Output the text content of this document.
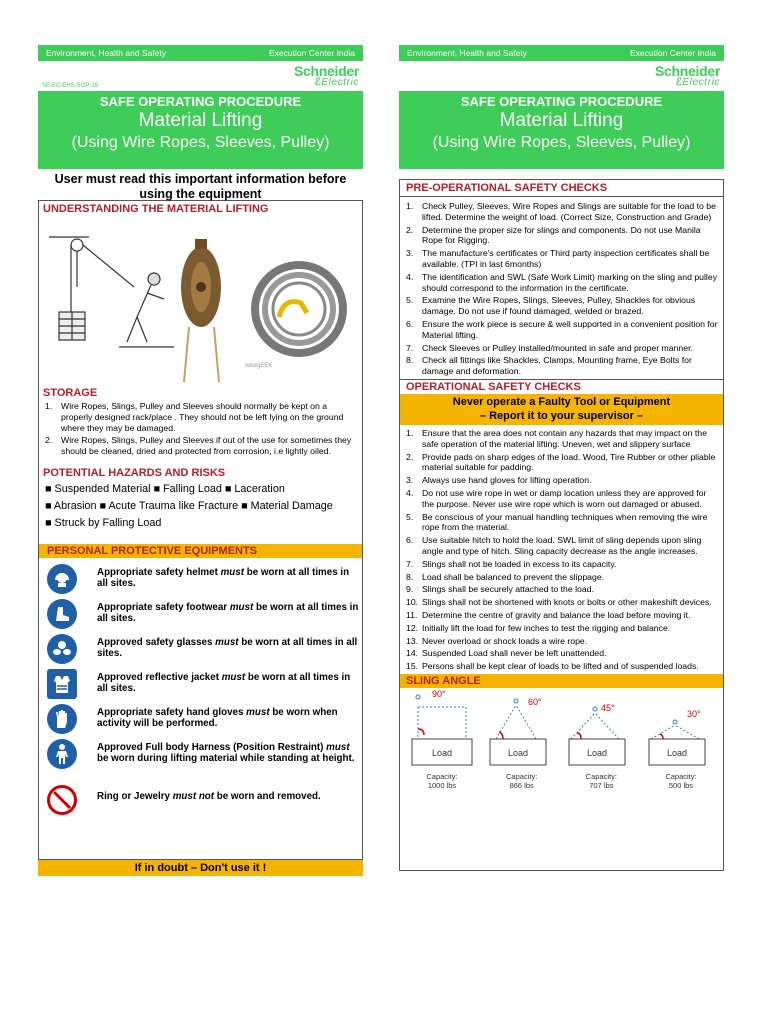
Environment, Health and Safety	Execution Center India
SE-EC-EHS-SOP-19
Schneider
ℰElectric
SAFE OPERATING PROCEDURE
Material Lifting
(Using Wire Ropes, Sleeves, Pulley)
User must read this important information before using the equipment
UNDERSTANDING THE MATERIAL LIFTING
wisegEEK
STORAGE
1.	Wire Ropes, Slings, Pulley and Sleeves should normally be kept on a properly designed rack/place . They should not be left lying on the ground where they may be damaged.
2.	Wire Ropes, Slings, Pulley and Sleeves if out of the use for sometimes they should be cleaned, dried and protected from corrosion, i.e lightly oiled.
POTENTIAL HAZARDS AND RISKS
■ Suspended Material ■ Falling Load ■ Laceration
■ Abrasion ■ Acute Trauma like Fracture ■ Material Damage
■ Struck by Falling Load
PERSONAL PROTECTIVE EQUIPMENTS
Appropriate safety helmet must be worn at all times in all sites.
Appropriate safety footwear must be worn at all times in all sites.
Approved safety glasses must be worn at all times in all sites.
Approved reflective jacket must be worn at all times in all sites.
Appropriate safety hand gloves must be worn when activity will be performed.
Approved Full body Harness (Position Restraint) must be worn during lifting material while standing at height.
Ring or Jewelry must not be worn and removed.
If in doubt – Don't use it !
Environment, Health and Safety	Execution Center India
Schneider
ℰElectric
SAFE OPERATING PROCEDURE
Material Lifting
(Using Wire Ropes, Sleeves, Pulley)
PRE-OPERATIONAL SAFETY CHECKS
1.	Check Pulley, Sleeves, Wire Ropes and Slings are suitable for the load to be lifted. Determine the weight of load. (Correct Size, Construction and Grade)
2.	Determine the proper size for slings and components. Do not use Manila Rope for Rigging.
3.	The manufacture's certificates or Third party inspection certificates shall be available. (TPI in last 6months)
4.	The identification and SWL (Safe Work Limit) marking on the sling and pulley should correspond to the information in the certificate.
5.	Examine the Wire Ropes, Slings, Sleeves, Pulley, Shackles for obvious damage. Do not use if found damaged, welded or brazed.
6.	Ensure the work piece is secure & well supported in a convenient position for Material lifting.
7.	Check Sleeves or Pulley installed/mounted in safe and proper manner.
8.	Check all fittings like Shackles, Clamps, Mounting frame, Eye Bolts for damage and deformation.
OPERATIONAL SAFETY CHECKS
Never operate a Faulty Tool or Equipment
– Report it to your supervisor –
1.	Ensure that the area does not contain any hazards that may impact on the safe operation of the material lifting. Uneven, wet and slippery surface
2.	Provide pads on sharp edges of the load. Wood, Tire Rubber or other pliable material suitable for padding.
3.	Always use hand gloves for lifting operation.
4.	Do not use wire rope in wet or damp location unless they are approved for the purpose. Never use wire rope which is worn out damaged or abused.
5.	Be conscious of your manual handling techniques when removing the wire rope from the material.
6.	Use suitable hitch to hold the load. SWL limit of sling depends upon sling angle and type of hitch. Sling capacity decrease as the angle increases.
7.	Slings shall not be loaded in excess to its capacity.
8.	Load shall be balanced to prevent the slippage.
9.	Slings shall be securely attached to the load.
10. Slings shall not be shortened with knots or bolts or other makeshift devices.
11. Determine the centre of gravity and balance the load before moving it.
12. Initially lift the load for few inches to test the rigging and balance.
13. Never overload or shock loads a wire rope.
14. Suspended Load shall never be left unattended.
15. Persons shall be kept clear of loads to be lifted and of suspended loads.
SLING ANGLE
90°
Load
Capacity:
1000 lbs
60°
Load
Capacity:
866 lbs
45°
Load
Capacity:
707 lbs
30°
Load
Capacity:
500 lbs
